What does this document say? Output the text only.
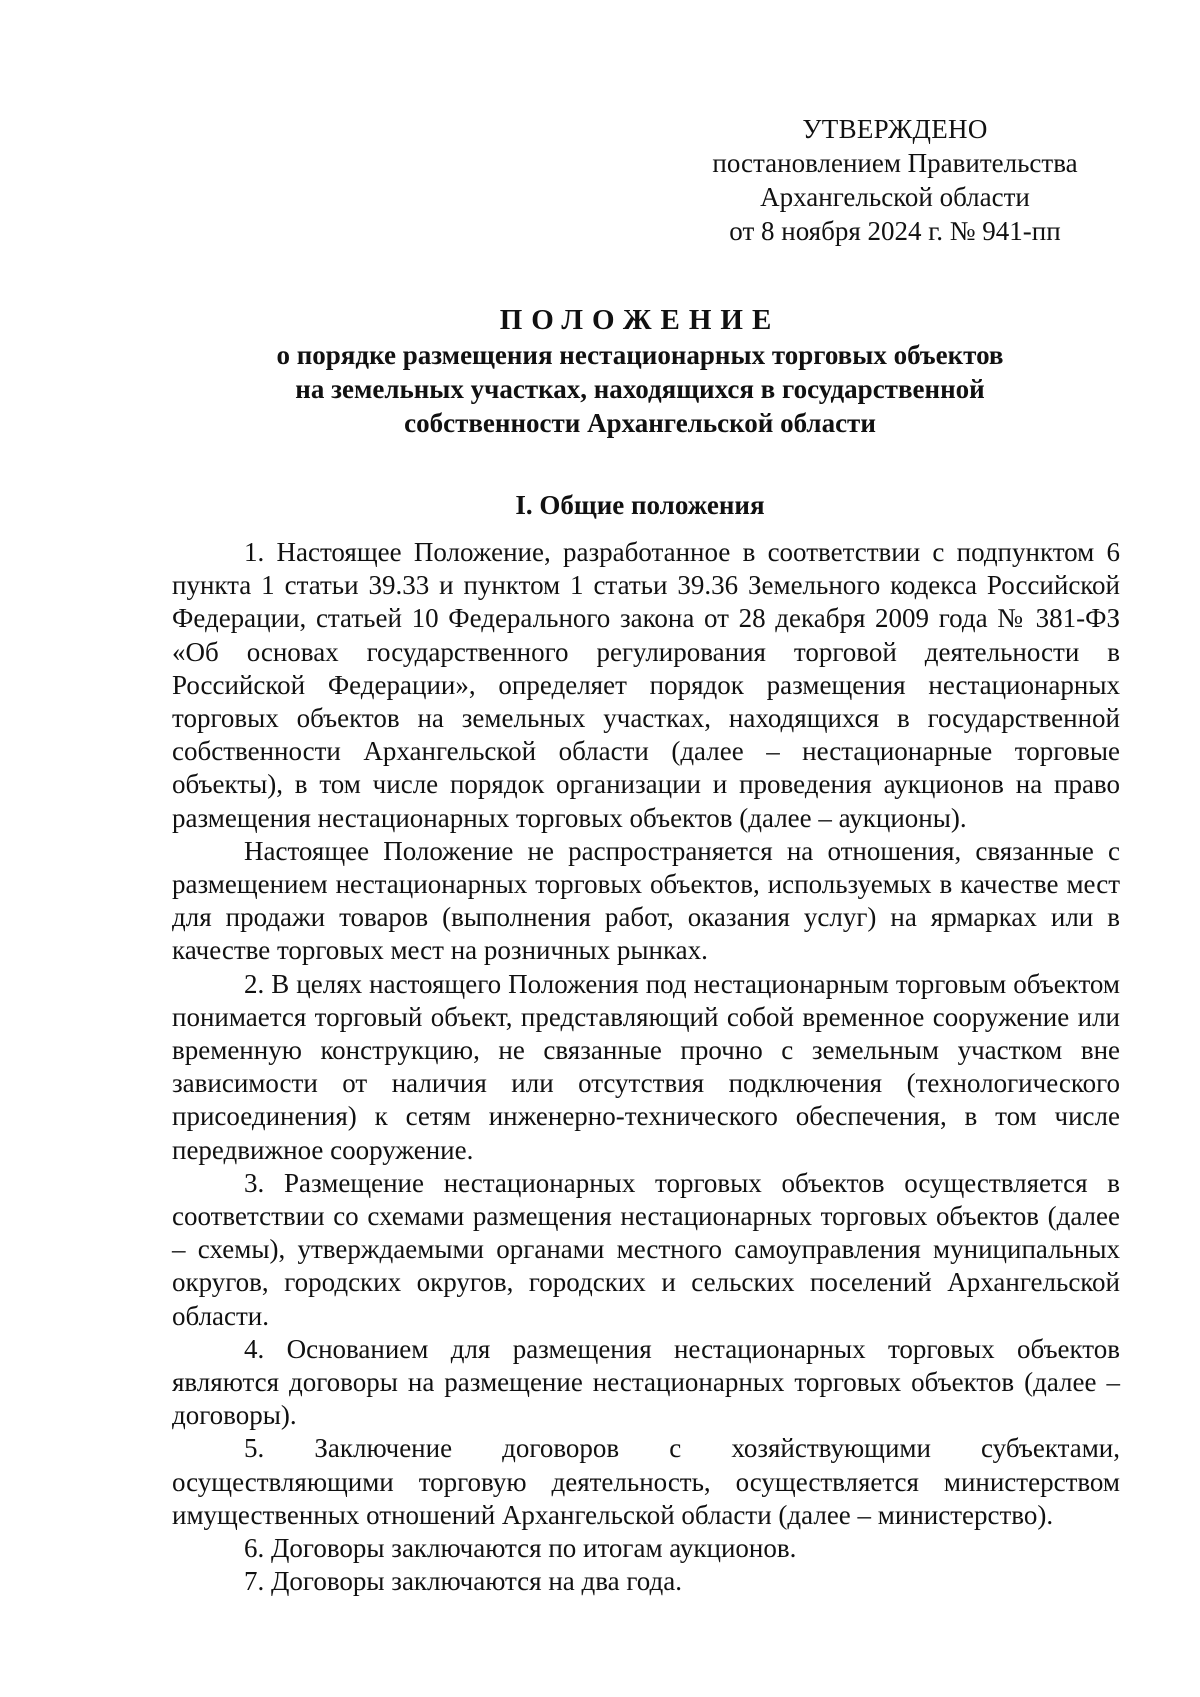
УТВЕРЖДЕНО
постановлением Правительства
Архангельской области
от 8 ноября 2024 г. № 941-пп
ПОЛОЖЕНИЕ
о порядке размещения нестационарных торговых объектов
на земельных участках, находящихся в государственной
собственности Архангельской области
I. Общие положения

1. Настоящее Положение, разработанное в соответствии с подпунктом 6 пункта 1 статьи 39.33 и пунктом 1 статьи 39.36 Земельного кодекса Российской Федерации, статьей 10 Федерального закона от 28 декабря 2009 года № 381-ФЗ «Об основах государственного регулирования торговой деятельности в Российской Федерации», определяет порядок размещения нестационарных торговых объектов на земельных участках, находящихся в государственной собственности Архангельской области (далее – нестационарные торговые объекты), в том числе порядок организации и проведения аукционов на право размещения нестационарных торговых объектов (далее – аукционы).

Настоящее Положение не распространяется на отношения, связанные с размещением нестационарных торговых объектов, используемых в качестве мест для продажи товаров (выполнения работ, оказания услуг) на ярмарках или в качестве торговых мест на розничных рынках.

2. В целях настоящего Положения под нестационарным торговым объектом понимается торговый объект, представляющий собой временное сооружение или временную конструкцию, не связанные прочно с земельным участком вне зависимости от наличия или отсутствия подключения (технологического присоединения) к сетям инженерно-технического обеспечения, в том числе передвижное сооружение.

3. Размещение нестационарных торговых объектов осуществляется в соответствии со схемами размещения нестационарных торговых объектов (далее – схемы), утверждаемыми органами местного самоуправления муниципальных округов, городских округов, городских и сельских поселений Архангельской области.

4. Основанием для размещения нестационарных торговых объектов являются договоры на размещение нестационарных торговых объектов (далее – договоры).

5. Заключение договоров с хозяйствующими субъектами, осуществляющими торговую деятельность, осуществляется министерством имущественных отношений Архангельской области (далее – министерство).

6. Договоры заключаются по итогам аукционов.

7. Договоры заключаются на два года.
